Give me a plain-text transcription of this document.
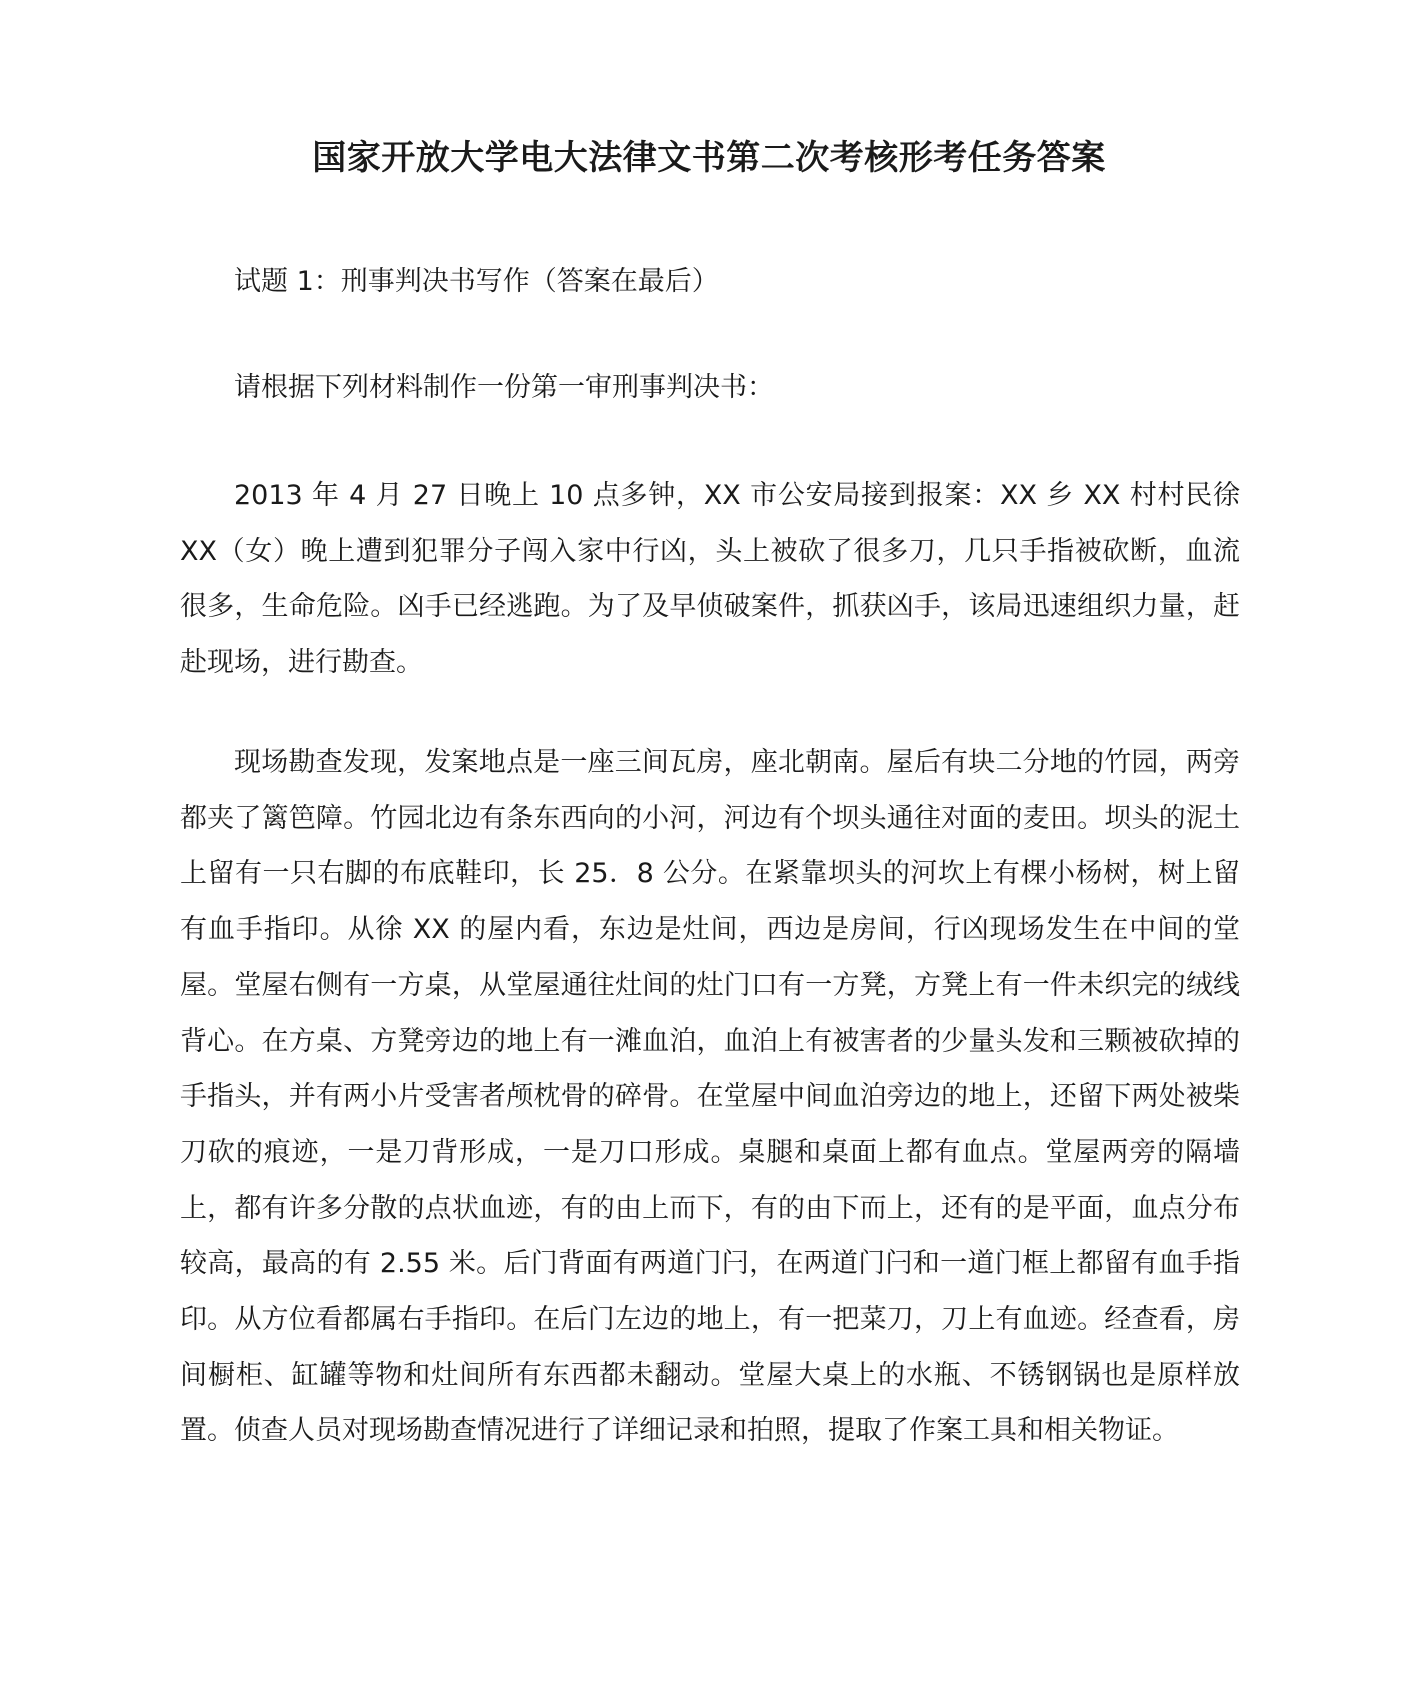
国家开放大学电大法律文书第二次考核形考任务答案
试题 1：刑事判决书写作（答案在最后）
请根据下列材料制作一份第一审刑事判决书：
2013 年 4 月 27 日晚上 10 点多钟，XX 市公安局接到报案：XX 乡 XX 村村民徐 XX（女）晚上遭到犯罪分子闯入家中行凶，头上被砍了很多刀，几只手指被砍断，血流很多，生命危险。凶手已经逃跑。为了及早侦破案件，抓获凶手，该局迅速组织力量，赶赴现场，进行勘查。
现场勘查发现，发案地点是一座三间瓦房，座北朝南。屋后有块二分地的竹园，两旁都夹了篱笆障。竹园北边有条东西向的小河，河边有个坝头通往对面的麦田。坝头的泥土上留有一只右脚的布底鞋印，长 25．8 公分。在紧靠坝头的河坎上有棵小杨树，树上留有血手指印。从徐 XX 的屋内看，东边是灶间，西边是房间，行凶现场发生在中间的堂屋。堂屋右侧有一方桌，从堂屋通往灶间的灶门口有一方凳，方凳上有一件未织完的绒线背心。在方桌、方凳旁边的地上有一滩血泊，血泊上有被害者的少量头发和三颗被砍掉的手指头，并有两小片受害者颅枕骨的碎骨。在堂屋中间血泊旁边的地上，还留下两处被柴刀砍的痕迹，一是刀背形成，一是刀口形成。桌腿和桌面上都有血点。堂屋两旁的隔墙上，都有许多分散的点状血迹，有的由上而下，有的由下而上，还有的是平面，血点分布较高，最高的有 2.55 米。后门背面有两道门闩，在两道门闩和一道门框上都留有血手指印。从方位看都属右手指印。在后门左边的地上，有一把菜刀，刀上有血迹。经查看，房间橱柜、缸罐等物和灶间所有东西都未翻动。堂屋大桌上的水瓶、不锈钢锅也是原样放置。侦查人员对现场勘查情况进行了详细记录和拍照，提取了作案工具和相关物证。
